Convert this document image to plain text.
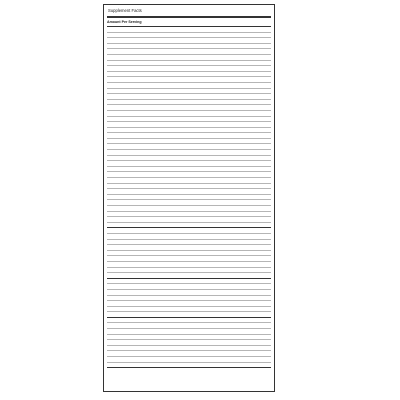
Supplement Facts
Amount Per Serving
